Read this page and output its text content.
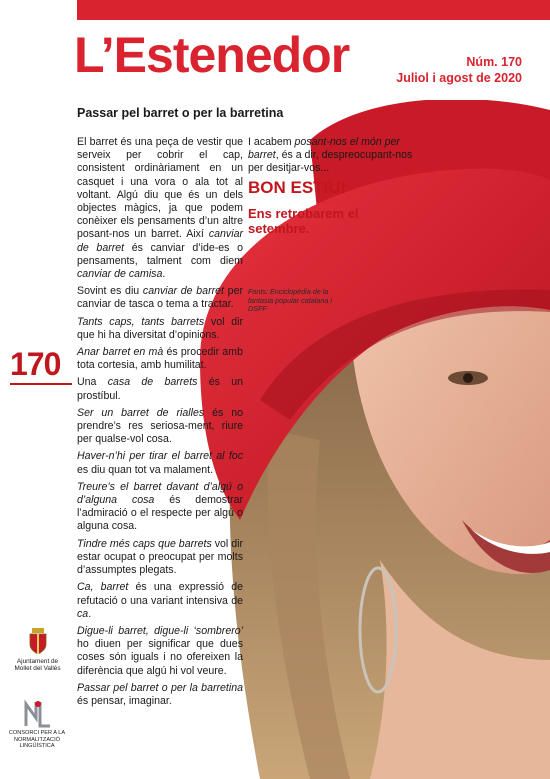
L’Estenedor	Núm. 170
Juliol i agost de 2020
Passar pel barret o per la barretina

El barret és una peça de vestir que serveix per cobrir el cap, consistent ordinàriament en un casquet i una vora o ala tot al voltant. Algú diu que és un dels objectes màgics, ja que podem conèixer els pensaments d’un altre posant-nos un barret. Així canviar de barret és canviar d’ide-es o pensaments, talment com diem canviar de camisa.

Sovint es diu canviar de barret per canviar de tasca o tema a tractar.

Tants caps, tants barrets vol dir que hi ha diversitat d’opinions.

Anar barret en mà és procedir amb tota cortesia, amb humilitat.

Una casa de barrets és un prostíbul.

Ser un barret de rialles és no prendre’s res seriosa-ment, riure per qualse-vol cosa.

Haver-n’hi per tirar el barret al foc es diu quan tot va malament.

Treure’s el barret davant d’algú o d’alguna cosa és demostrar l’admiració o el respecte per algú o alguna cosa.

Tindre més caps que barrets vol dir estar ocupat o preocupat per molts d’assumptes plegats.

Ca, barret és una expressió de refutació o una variant intensiva de ca.

Digue-li barret, digue-li ‘sombrero’ ho diuen per significar que dues coses són iguals i no ofereixen la diferència que algú hi vol veure.

Passar pel barret o per la barretina és pensar, imaginar.

I acabem posant-nos el món per barret, és a dir, despreocupant-nos per desitjar-vos...

BON ESTIU!
Ens retrobarem el setembre.
Fonts: Enciclopèdia de la fantasia popular catalana i DSFF
170
Ajuntament de Mollet del Vallès
CONSORCI PER A LA NORMALITZACIÓ LINGÜÍSTICA
